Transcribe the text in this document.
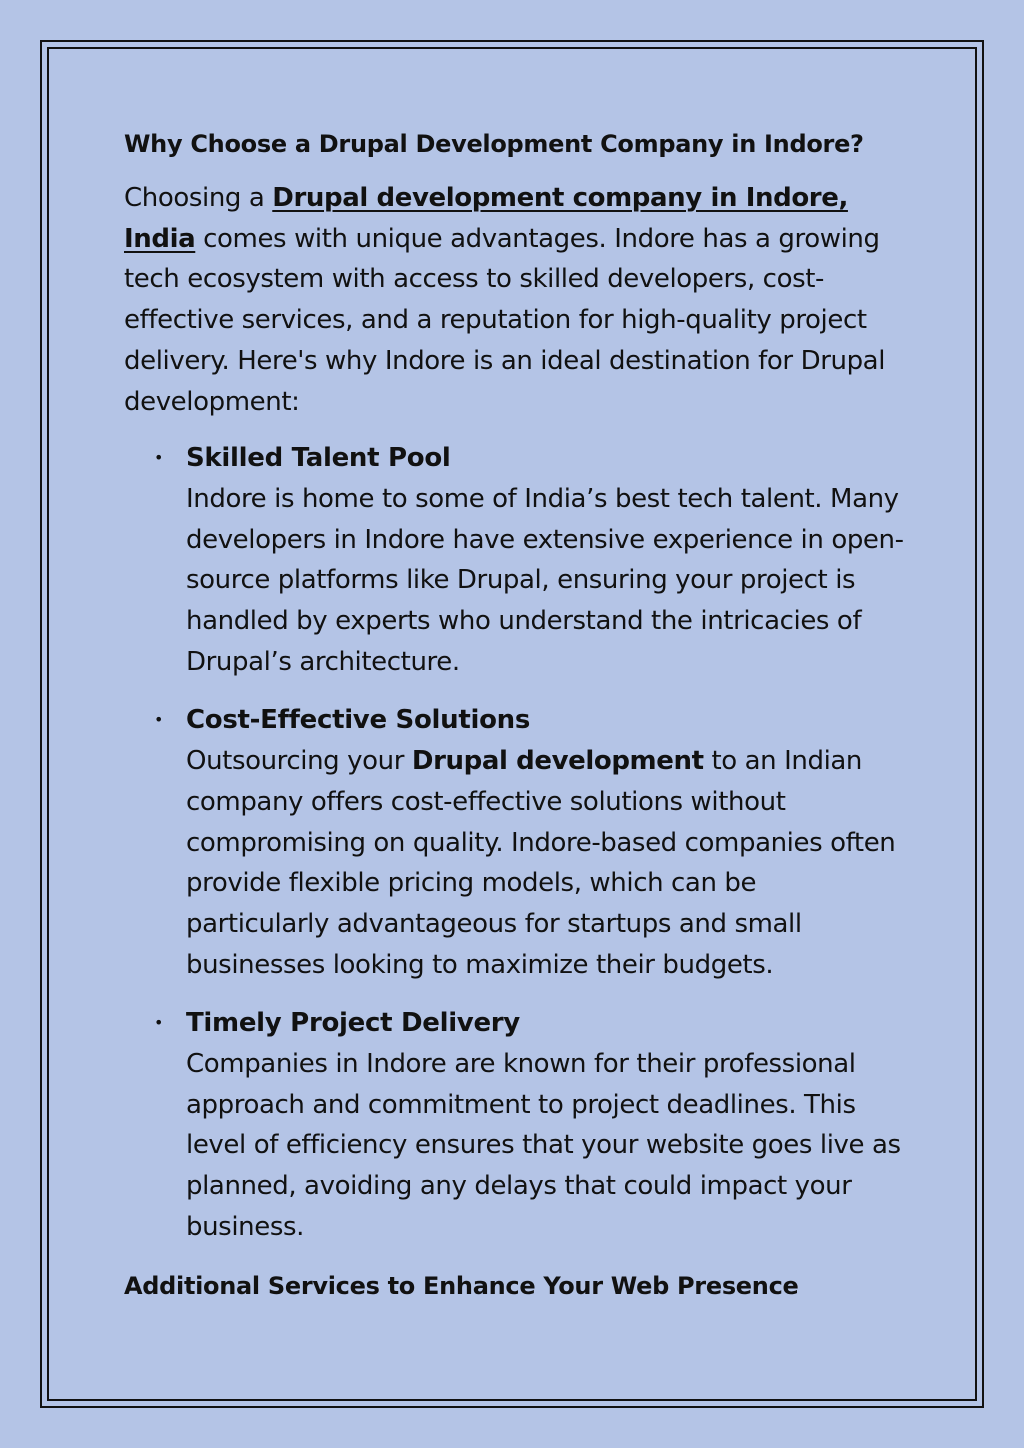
Why Choose a Drupal Development Company in Indore?

Choosing a Drupal development company in Indore, India comes with unique advantages. Indore has a growing tech ecosystem with access to skilled developers, cost-effective services, and a reputation for high-quality project delivery. Here's why Indore is an ideal destination for Drupal development:

• Skilled Talent Pool
Indore is home to some of India’s best tech talent. Many developers in Indore have extensive experience in open-source platforms like Drupal, ensuring your project is handled by experts who understand the intricacies of Drupal’s architecture.
• Cost-Effective Solutions
Outsourcing your Drupal development to an Indian company offers cost-effective solutions without compromising on quality. Indore-based companies often provide flexible pricing models, which can be particularly advantageous for startups and small businesses looking to maximize their budgets.
• Timely Project Delivery
Companies in Indore are known for their professional approach and commitment to project deadlines. This level of efficiency ensures that your website goes live as planned, avoiding any delays that could impact your business.
Additional Services to Enhance Your Web Presence
